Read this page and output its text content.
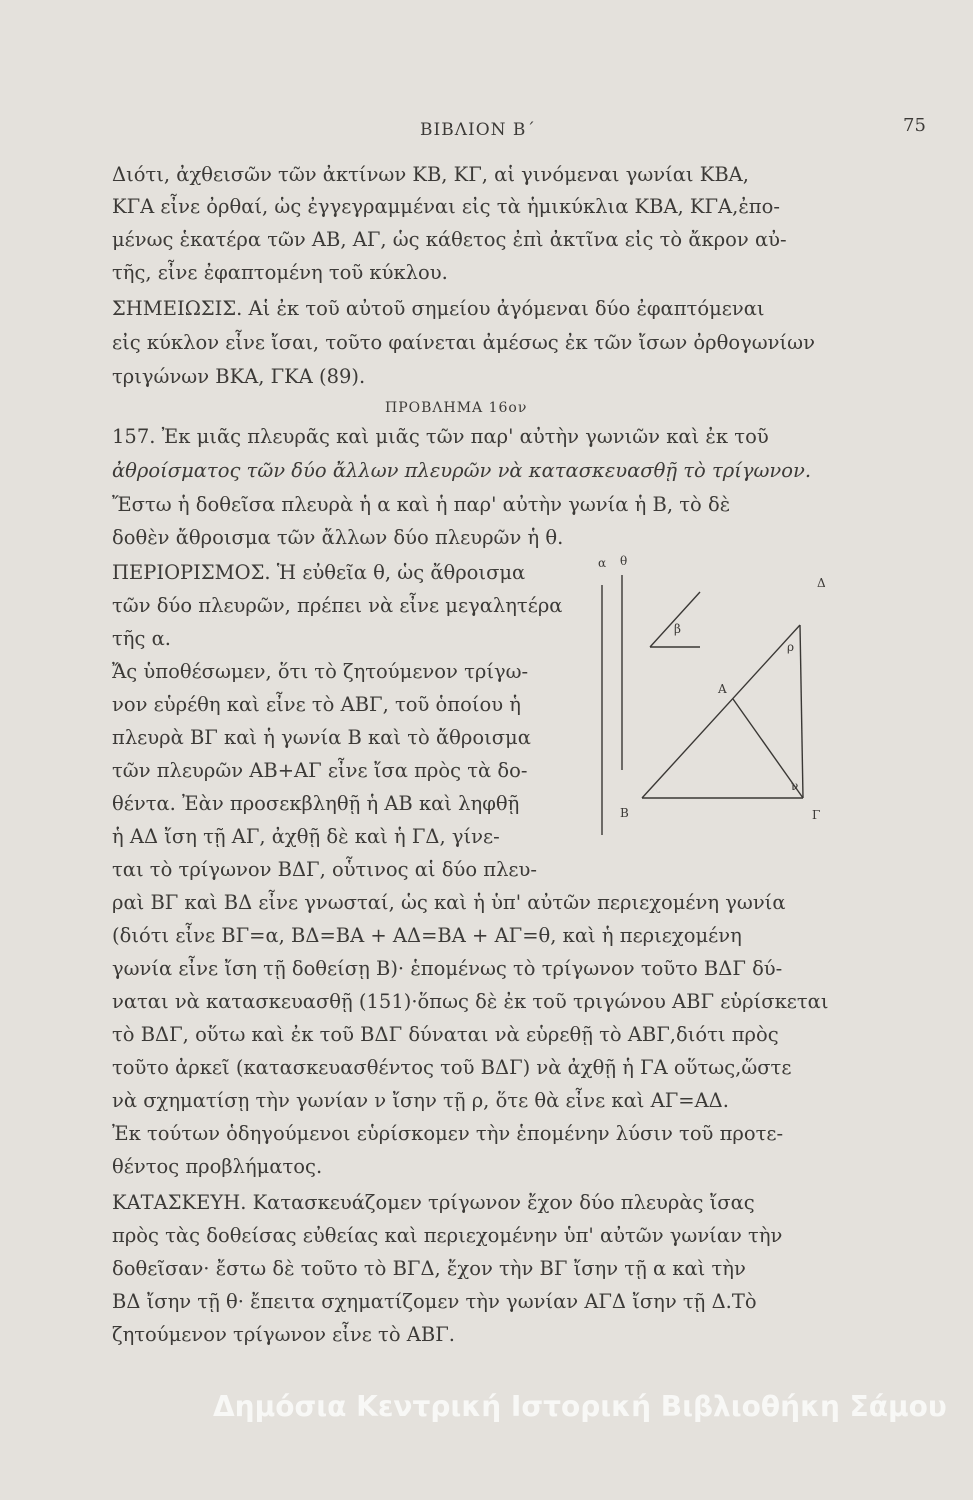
ΒΙΒΛΙΟΝ Β´	75
Διότι, ἀχθεισῶν τῶν ἀκτίνων ΚΒ, ΚΓ, αἱ γινόμεναι γωνίαι ΚΒΑ,
ΚΓΑ εἶνε ὀρθαί, ὡς ἐγγεγραμμέναι εἰς τὰ ἡμικύκλια ΚΒΑ, ΚΓΑ,ἐπο-
μένως ἑκατέρα τῶν ΑΒ, ΑΓ, ὡς κάθετος ἐπὶ ἀκτῖνα εἰς τὸ ἄκρον αὐ-
τῆς, εἶνε ἐφαπτομένη τοῦ κύκλου.
ΣΗΜΕΙΩΣΙΣ. Αἱ ἐκ τοῦ αὐτοῦ σημείου ἀγόμεναι δύο ἐφαπτόμεναι
εἰς κύκλον εἶνε ἴσαι, τοῦτο φαίνεται ἀμέσως ἐκ τῶν ἴσων ὀρθογωνίων
τριγώνων ΒΚΑ, ΓΚΑ (89).
ΠΡΟΒΛΗΜΑ 16ον
157. Ἐκ μιᾶς πλευρᾶς καὶ μιᾶς τῶν παρ' αὐτὴν γωνιῶν καὶ ἐκ τοῦ
ἀθροίσματος τῶν δύο ἄλλων πλευρῶν νὰ κατασκευασθῇ τὸ τρίγωνον.
Ἔστω ἡ δοθεῖσα πλευρὰ ἡ α καὶ ἡ παρ' αὐτὴν γωνία ἡ Β, τὸ δὲ
δοθὲν ἄθροισμα τῶν ἄλλων δύο πλευρῶν ἡ θ.
ΠΕΡΙΟΡΙΣΜΟΣ. Ἡ εὐθεῖα θ, ὡς ἄθροισμα
τῶν δύο πλευρῶν, πρέπει νὰ εἶνε μεγαλητέρα
τῆς α.
Ἄς ὑποθέσωμεν, ὅτι τὸ ζητούμενον τρίγω-
νον εὑρέθη καὶ εἶνε τὸ ΑΒΓ, τοῦ ὁποίου ἡ
πλευρὰ ΒΓ καὶ ἡ γωνία Β καὶ τὸ ἄθροισμα
τῶν πλευρῶν ΑΒ+ΑΓ εἶνε ἴσα πρὸς τὰ δο-
θέντα. Ἐὰν προσεκβληθῇ ἡ ΑΒ καὶ ληφθῇ
ἡ ΑΔ ἴση τῇ ΑΓ, ἀχθῇ δὲ καὶ ἡ ΓΔ, γίνε-
ται τὸ τρίγωνον ΒΔΓ, οὗτινος αἱ δύο πλευ-
ραὶ ΒΓ καὶ ΒΔ εἶνε γνωσταί, ὡς καὶ ἡ ὑπ' αὐτῶν περιεχομένη γωνία
(διότι εἶνε ΒΓ=α, ΒΔ=ΒΑ + ΑΔ=ΒΑ + ΑΓ=θ, καὶ ἡ περιεχομένη
γωνία εἶνε ἴση τῇ δοθείσῃ Β)· ἑπομένως τὸ τρίγωνον τοῦτο ΒΔΓ δύ-
ναται νὰ κατασκευασθῇ (151)·ὅπως δὲ ἐκ τοῦ τριγώνου ΑΒΓ εὑρίσκεται
τὸ ΒΔΓ, οὕτω καὶ ἐκ τοῦ ΒΔΓ δύναται νὰ εὑρεθῇ τὸ ΑΒΓ,διότι πρὸς
τοῦτο ἀρκεῖ (κατασκευασθέντος τοῦ ΒΔΓ) νὰ ἀχθῇ ἡ ΓΑ οὕτως,ὥστε
νὰ σχηματίσῃ τὴν γωνίαν ν ἴσην τῇ ρ, ὅτε θὰ εἶνε καὶ ΑΓ=ΑΔ.
Ἐκ τούτων ὁδηγούμενοι εὑρίσκομεν τὴν ἑπομένην λύσιν τοῦ προτε-
θέντος προβλήματος.
ΚΑΤΑΣΚΕΥΗ. Κατασκευάζομεν τρίγωνον ἔχον δύο πλευρὰς ἴσας
πρὸς τὰς δοθείσας εὐθείας καὶ περιεχομένην ὑπ' αὐτῶν γωνίαν τὴν
δοθεῖσαν· ἔστω δὲ τοῦτο τὸ ΒΓΔ, ἔχον τὴν ΒΓ ἴσην τῇ α καὶ τὴν
ΒΔ ἴσην τῇ θ· ἔπειτα σχηματίζομεν τὴν γωνίαν ΑΓΔ ἴσην τῇ Δ.Τὸ
ζητούμενον τρίγωνον εἶνε τὸ ΑΒΓ.
α θ
Δ
β
ρ
Α
ν
Β	Γ
Δημόσια Κεντρική Ιστορική Βιβλιοθήκη Σάμου
